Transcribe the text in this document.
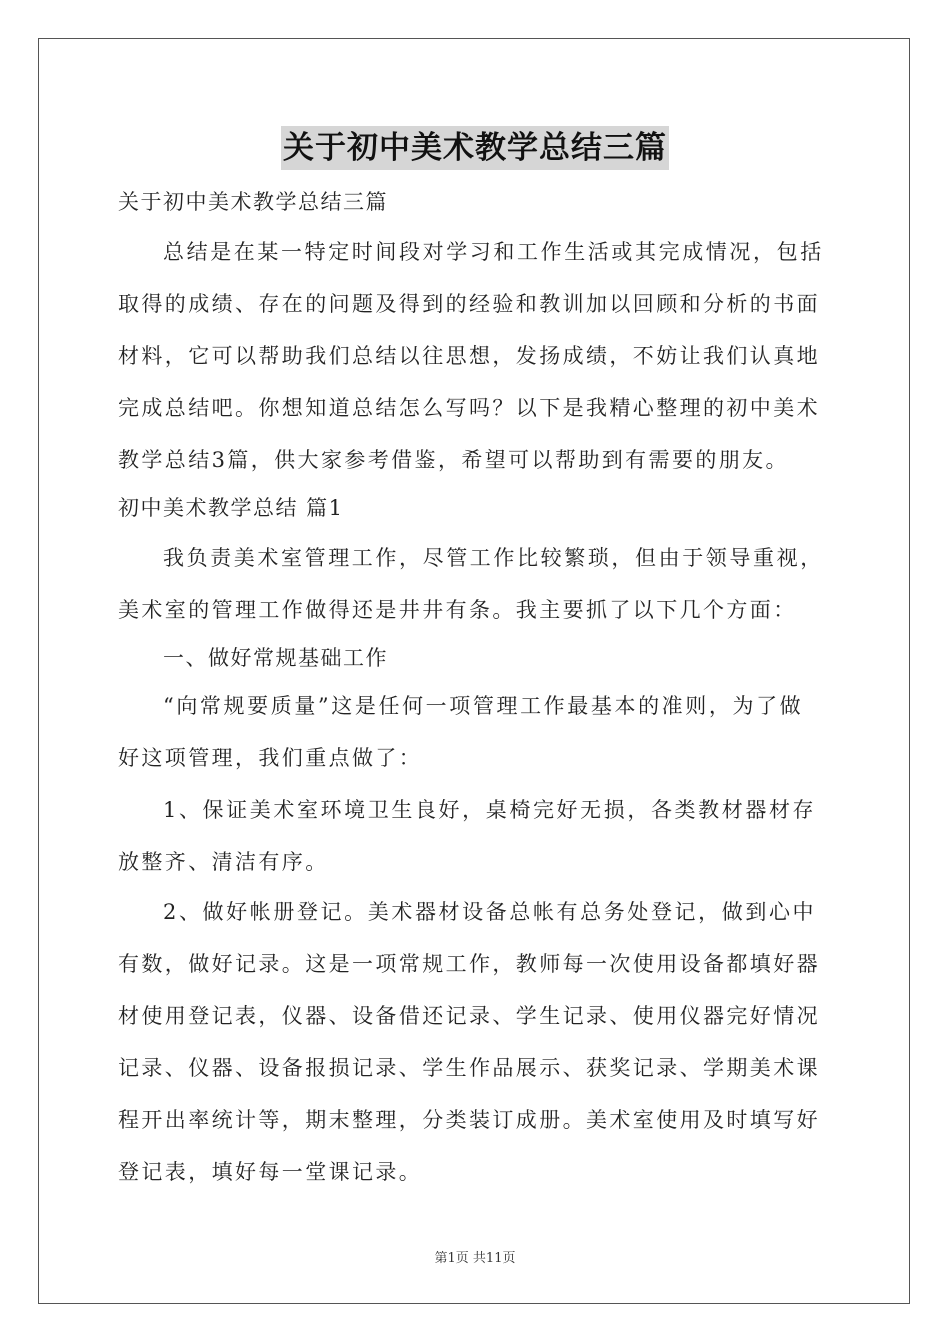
关于初中美术教学总结三篇

关于初中美术教学总结三篇

总结是在某一特定时间段对学习和工作生活或其完成情况，包括

取得的成绩、存在的问题及得到的经验和教训加以回顾和分析的书面

材料，它可以帮助我们总结以往思想，发扬成绩，不妨让我们认真地

完成总结吧。你想知道总结怎么写吗？以下是我精心整理的初中美术

教学总结3篇，供大家参考借鉴，希望可以帮助到有需要的朋友。

初中美术教学总结 篇1

我负责美术室管理工作，尽管工作比较繁琐，但由于领导重视，

美术室的管理工作做得还是井井有条。我主要抓了以下几个方面：

一、做好常规基础工作

“向常规要质量”这是任何一项管理工作最基本的准则，为了做

好这项管理，我们重点做了：

1、保证美术室环境卫生良好，桌椅完好无损，各类教材器材存

放整齐、清洁有序。

2、做好帐册登记。美术器材设备总帐有总务处登记，做到心中

有数，做好记录。这是一项常规工作，教师每一次使用设备都填好器

材使用登记表，仪器、设备借还记录、学生记录、使用仪器完好情况

记录、仪器、设备报损记录、学生作品展示、获奖记录、学期美术课

程开出率统计等，期末整理，分类装订成册。美术室使用及时填写好

登记表，填好每一堂课记录。

第1页 共11页
